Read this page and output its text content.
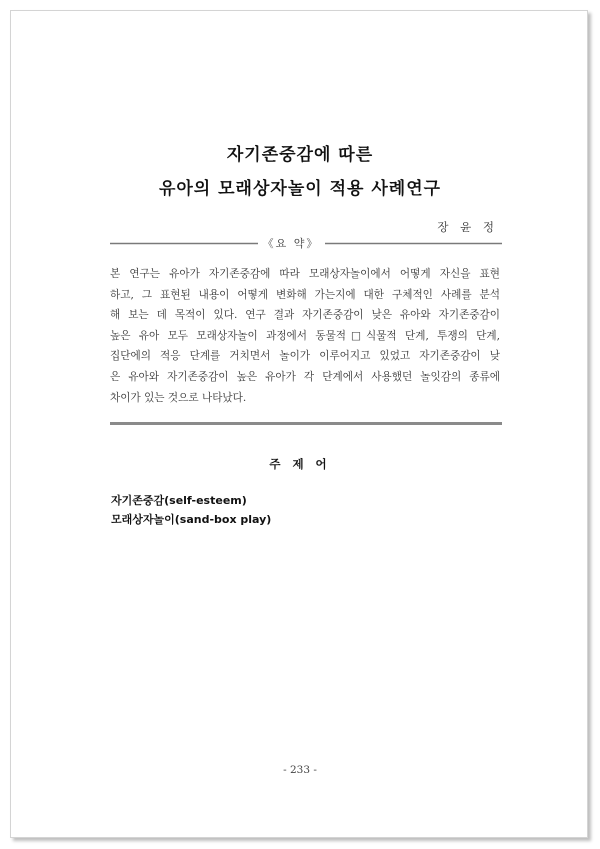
자기존중감에 따른
유아의 모래상자놀이 적용 사례연구
장 윤 정
《요 약》
본 연구는 유아가 자기존중감에 따라 모래상자놀이에서 어떻게 자신을 표현
하고, 그 표현된 내용이 어떻게 변화해 가는지에 대한 구체적인 사례를 분석
해 보는 데 목적이 있다. 연구 결과 자기존중감이 낮은 유아와 자기존중감이
높은 유아 모두 모래상자놀이 과정에서 동물적□식물적 단계, 투쟁의 단계,
집단에의 적응 단계를 거치면서 놀이가 이루어지고 있었고 자기존중감이 낮
은 유아와 자기존중감이 높은 유아가 각 단계에서 사용했던 놀잇감의 종류에
차이가 있는 것으로 나타났다.
주 제 어
자기존중감(self-esteem)
모래상자놀이(sand-box play)
- 233 -
